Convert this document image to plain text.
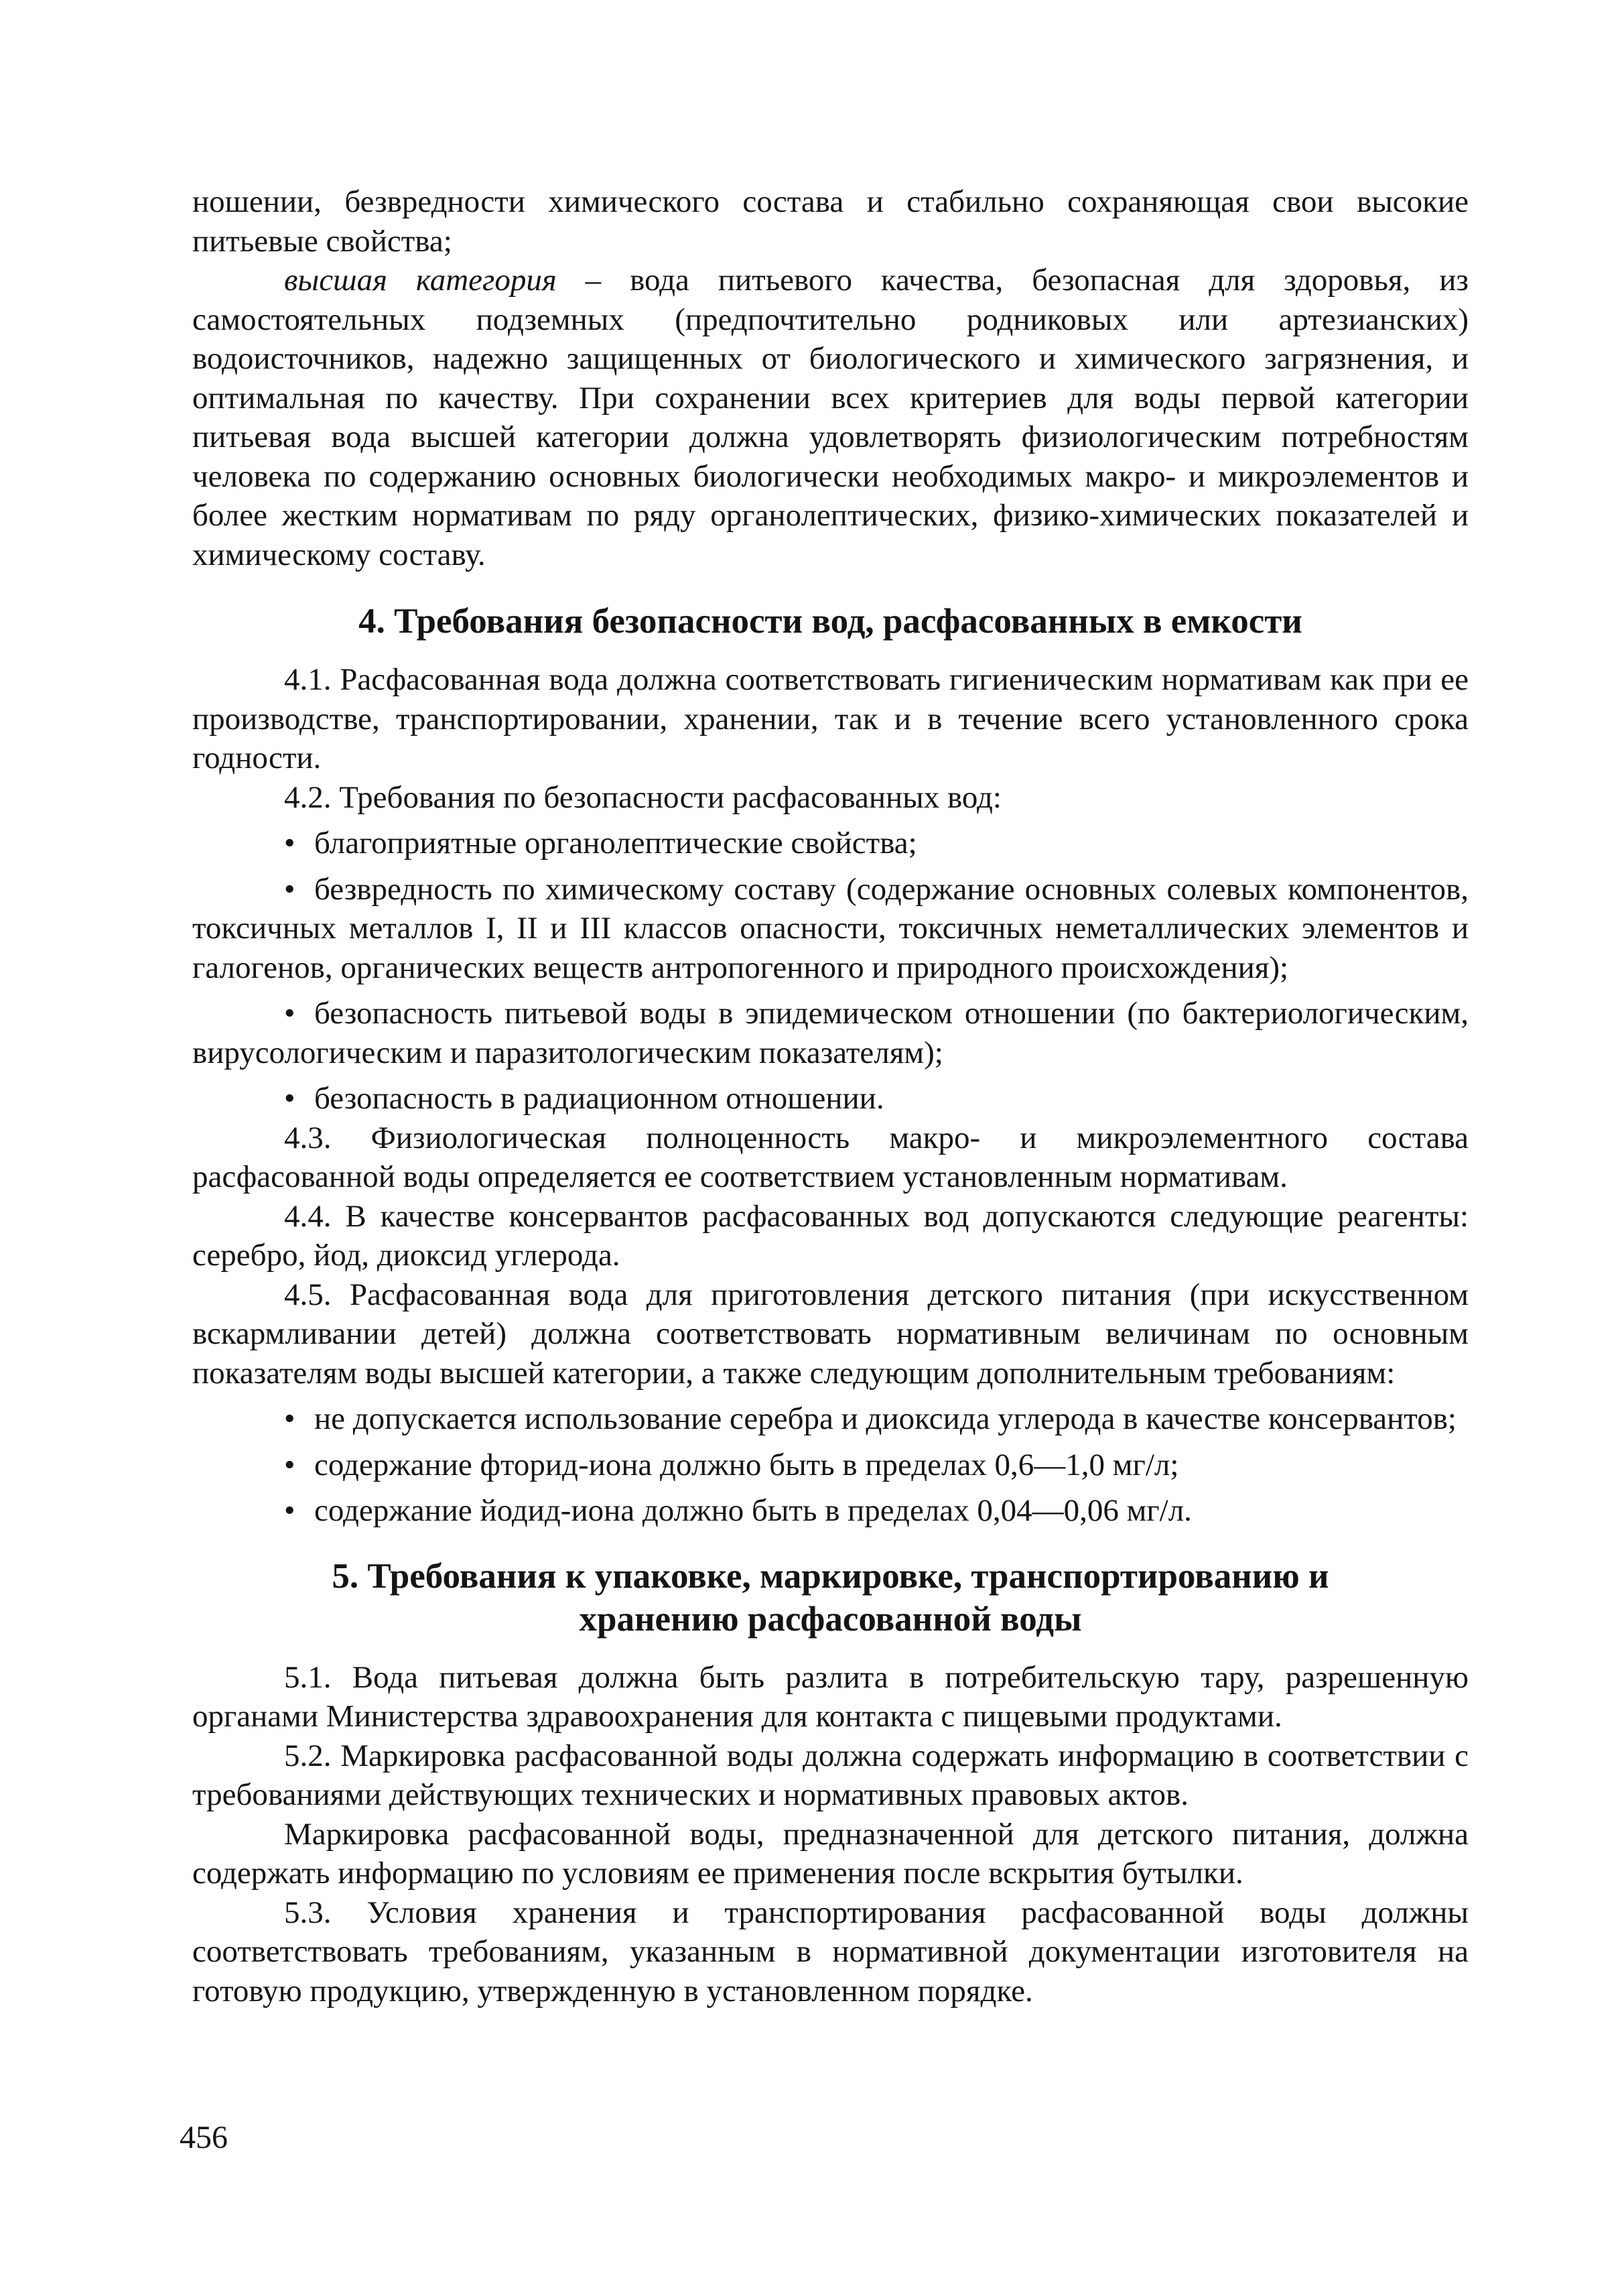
ношении, безвредности химического состава и стабильно сохраняющая свои высокие питьевые свойства;

высшая категория – вода питьевого качества, безопасная для здоровья, из самостоятельных подземных (предпочтительно родниковых или артезианских) водоисточников, надежно защищенных от биологического и химического загрязнения, и оптимальная по качеству. При сохранении всех критериев для воды первой категории питьевая вода высшей категории должна удовлетворять физиологическим потребностям человека по содержанию основных биологически необходимых макро- и микроэлементов и более жестким нормативам по ряду органолептических, физико-химических показателей и химическому составу.

4. Требования безопасности вод, расфасованных в емкости

4.1. Расфасованная вода должна соответствовать гигиеническим нормативам как при ее производстве, транспортировании, хранении, так и в течение всего установленного срока годности.

4.2. Требования по безопасности расфасованных вод:

• благоприятные органолептические свойства;

• безвредность по химическому составу (содержание основных солевых компонентов, токсичных металлов I, II и III классов опасности, токсичных неметаллических элементов и галогенов, органических веществ антропогенного и природного происхождения);

• безопасность питьевой воды в эпидемическом отношении (по бактериологическим, вирусологическим и паразитологическим показателям);

• безопасность в радиационном отношении.

4.3. Физиологическая полноценность макро- и микроэлементного состава расфасованной воды определяется ее соответствием установленным нормативам.

4.4. В качестве консервантов расфасованных вод допускаются следующие реагенты: серебро, йод, диоксид углерода.

4.5. Расфасованная вода для приготовления детского питания (при искусственном вскармливании детей) должна соответствовать нормативным величинам по основным показателям воды высшей категории, а также следующим дополнительным требованиям:

• не допускается использование серебра и диоксида углерода в качестве консервантов;

• содержание фторид-иона должно быть в пределах 0,6—1,0 мг/л;

• содержание йодид-иона должно быть в пределах 0,04—0,06 мг/л.

5. Требования к упаковке, маркировке, транспортированию и
хранению расфасованной воды

5.1. Вода питьевая должна быть разлита в потребительскую тару, разрешенную органами Министерства здравоохранения для контакта с пищевыми продуктами.

5.2. Маркировка расфасованной воды должна содержать информацию в соответствии с требованиями действующих технических и нормативных правовых актов.

Маркировка расфасованной воды, предназначенной для детского питания, должна содержать информацию по условиям ее применения после вскрытия бутылки.

5.3. Условия хранения и транспортирования расфасованной воды должны соответствовать требованиям, указанным в нормативной документации изготовителя на готовую продукцию, утвержденную в установленном порядке.

456
